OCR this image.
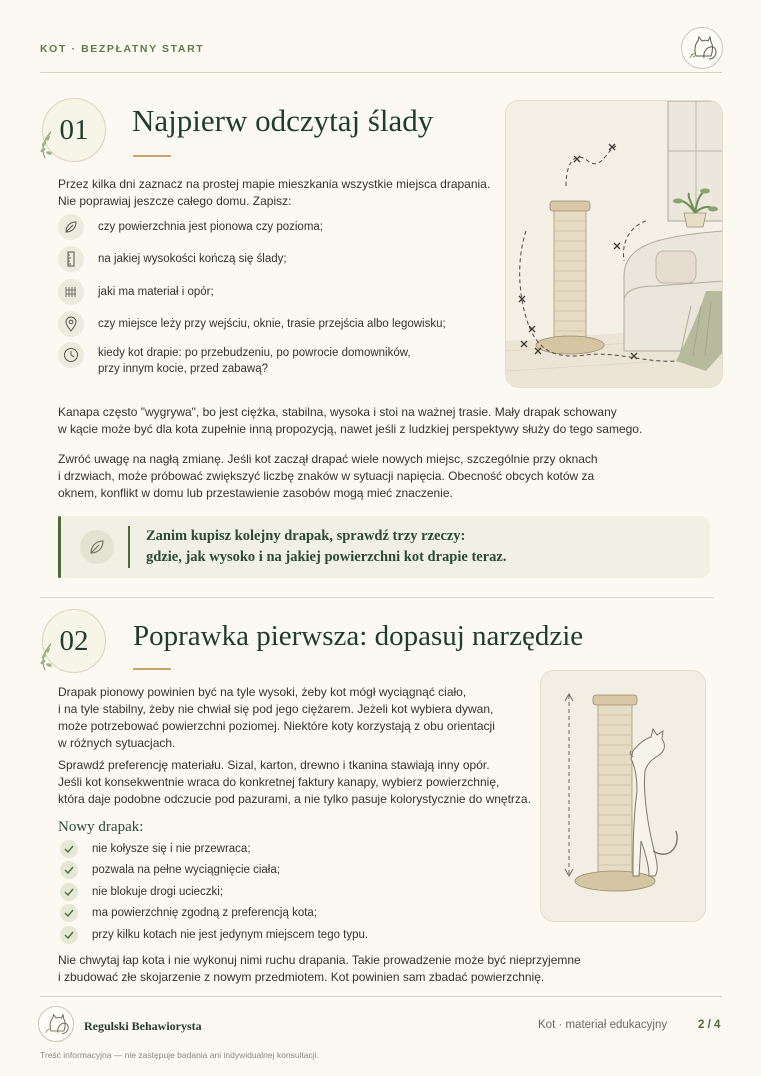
KOT · BEZPŁATNY START
01	Najpierw odczytaj ślady

Przez kilka dni zaznacz na prostej mapie mieszkania wszystkie miejsca drapania.
Nie poprawiaj jeszcze całego domu. Zapisz:

czy powierzchnia jest pionowa czy pozioma;
na jakiej wysokości kończą się ślady;
jaki ma materiał i opór;
czy miejsce leży przy wejściu, oknie, trasie przejścia albo legowisku;
kiedy kot drapie: po przebudzeniu, po powrocie domowników,
przy innym kocie, przed zabawą?

Kanapa często "wygrywa", bo jest ciężka, stabilna, wysoka i stoi na ważnej trasie. Mały drapak schowany
w kącie może być dla kota zupełnie inną propozycją, nawet jeśli z ludzkiej perspektywy służy do tego samego.

Zwróć uwagę na nagłą zmianę. Jeśli kot zaczął drapać wiele nowych miejsc, szczególnie przy oknach
i drzwiach, może próbować zwiększyć liczbę znaków w sytuacji napięcia. Obecność obcych kotów za
oknem, konflikt w domu lub przestawienie zasobów mogą mieć znaczenie.

Zanim kupisz kolejny drapak, sprawdź trzy rzeczy:
gdzie, jak wysoko i na jakiej powierzchni kot drapie teraz.
02	Poprawka pierwsza: dopasuj narzędzie

Drapak pionowy powinien być na tyle wysoki, żeby kot mógł wyciągnąć ciało,
i na tyle stabilny, żeby nie chwiał się pod jego ciężarem. Jeżeli kot wybiera dywan,
może potrzebować powierzchni poziomej. Niektóre koty korzystają z obu orientacji
w różnych sytuacjach.

Sprawdź preferencję materiału. Sizal, karton, drewno i tkanina stawiają inny opór.
Jeśli kot konsekwentnie wraca do konkretnej faktury kanapy, wybierz powierzchnię,
która daje podobne odczucie pod pazurami, a nie tylko pasuje kolorystycznie do wnętrza.

Nowy drapak:
nie kołysze się i nie przewraca;
pozwala na pełne wyciągnięcie ciała;
nie blokuje drogi ucieczki;
ma powierzchnię zgodną z preferencją kota;
przy kilku kotach nie jest jedynym miejscem tego typu.

Nie chwytaj łap kota i nie wykonuj nimi ruchu drapania. Takie prowadzenie może być nieprzyjemne
i zbudować złe skojarzenie z nowym przedmiotem. Kot powinien sam zbadać powierzchnię.

Regulski Behawiorysta	Kot · materiał edukacyjny	2 / 4
Treść informacyjna — nie zastępuje badania ani indywidualnej konsultacji.
